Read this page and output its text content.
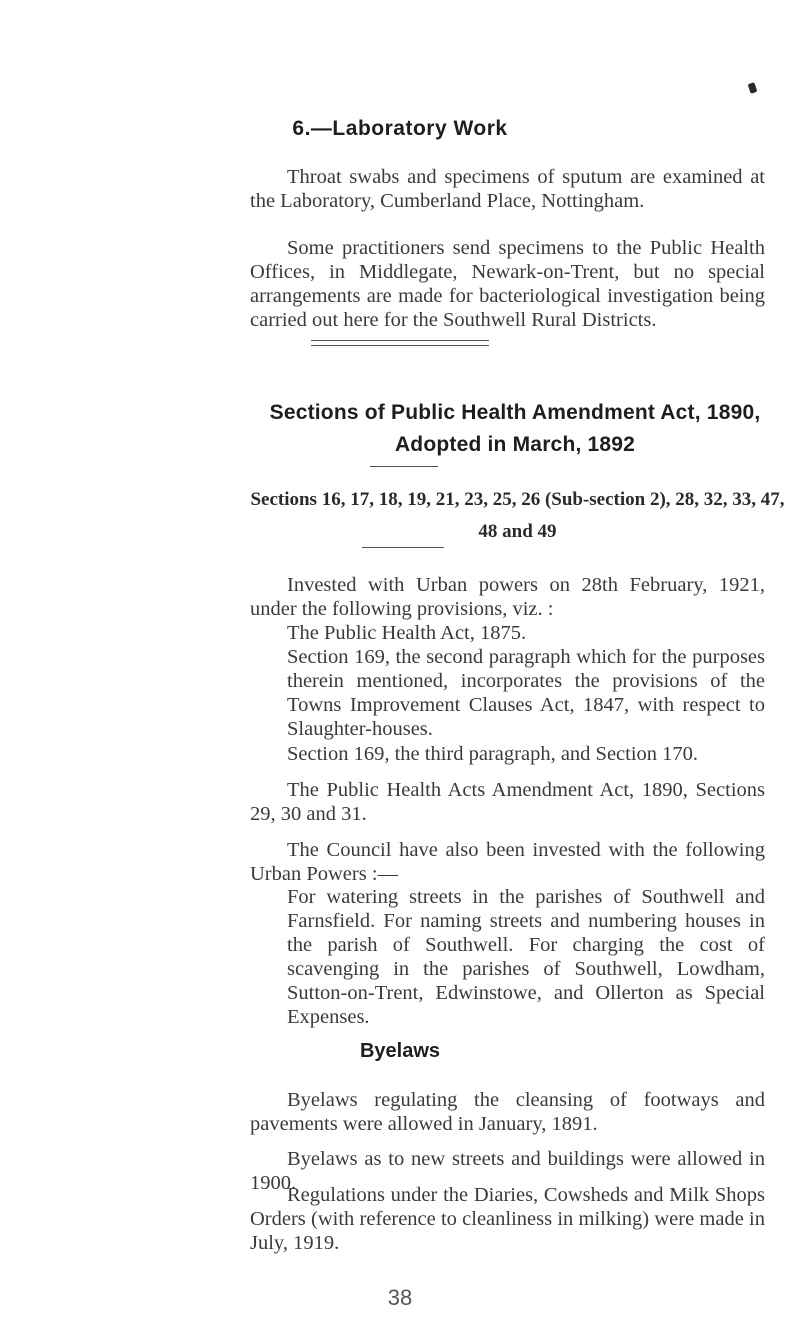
6.—Laboratory Work

Throat swabs and specimens of sputum are examined at the Laboratory, Cumberland Place, Nottingham.

Some practitioners send specimens to the Public Health Offices, in Middlegate, Newark-on-Trent, but no special arrangements are made for bacteriological investigation being carried out here for the Southwell Rural Districts.

Sections of Public Health Amendment Act, 1890, Adopted in March, 1892
Sections 16, 17, 18, 19, 21, 23, 25, 26 (Sub-section 2), 28, 32, 33, 47, 48 and 49

Invested with Urban powers on 28th February, 1921, under the following provisions, viz. :

The Public Health Act, 1875.

Section 169, the second paragraph which for the purposes therein mentioned, incorporates the provisions of the Towns Improvement Clauses Act, 1847, with respect to Slaughter-houses.

Section 169, the third paragraph, and Section 170.

The Public Health Acts Amendment Act, 1890, Sections 29, 30 and 31.

The Council have also been invested with the following Urban Powers :—

For watering streets in the parishes of Southwell and Farnsfield. For naming streets and numbering houses in the parish of Southwell. For charging the cost of scavenging in the parishes of Southwell, Lowdham, Sutton-on-Trent, Edwinstowe, and Ollerton as Special Expenses.

Byelaws

Byelaws regulating the cleansing of footways and pavements were allowed in January, 1891.

Byelaws as to new streets and buildings were allowed in 1900.

Regulations under the Diaries, Cowsheds and Milk Shops Orders (with reference to cleanliness in milking) were made in July, 1919.

38
